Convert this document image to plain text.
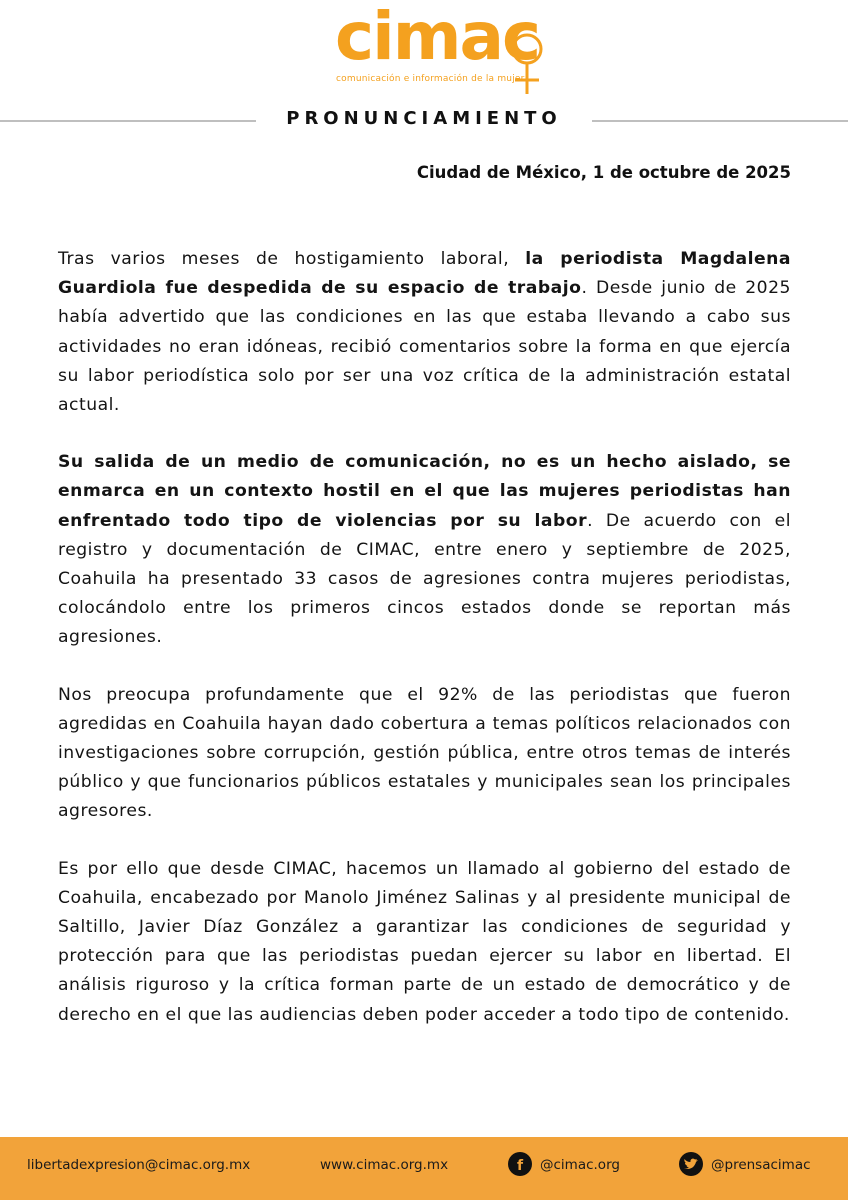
cimac
comunicación e información de la mujer
PRONUNCIAMIENTO
Ciudad de México, 1 de octubre de 2025

Tras varios meses de hostigamiento laboral, la periodista Magdalena Guardiola fue despedida de su espacio de trabajo. Desde junio de 2025 había advertido que las condiciones en las que estaba llevando a cabo sus actividades no eran idóneas, recibió comentarios sobre la forma en que ejercía su labor periodística solo por ser una voz crítica de la administración estatal actual.

Su salida de un medio de comunicación, no es un hecho aislado, se enmarca en un contexto hostil en el que las mujeres periodistas han enfrentado todo tipo de violencias por su labor. De acuerdo con el registro y documentación de CIMAC, entre enero y septiembre de 2025, Coahuila ha presentado 33 casos de agresiones contra mujeres periodistas, colocándolo entre los primeros cincos estados donde se reportan más agresiones.

Nos preocupa profundamente que el 92% de las periodistas que fueron agredidas en Coahuila hayan dado cobertura a temas políticos relacionados con investigaciones sobre corrupción, gestión pública, entre otros temas de interés público y que funcionarios públicos estatales y municipales sean los principales agresores.

Es por ello que desde CIMAC, hacemos un llamado al gobierno del estado de Coahuila, encabezado por Manolo Jiménez Salinas y al presidente municipal de Saltillo, Javier Díaz González a garantizar las condiciones de seguridad y protección para que las periodistas puedan ejercer su labor en libertad. El análisis riguroso y la crítica forman parte de un estado de democrático y de derecho en el que las audiencias deben poder acceder a todo tipo de contenido.

libertadexpresion@cimac.org.mx	www.cimac.org.mx	f @cimac.org	@prensacimac
